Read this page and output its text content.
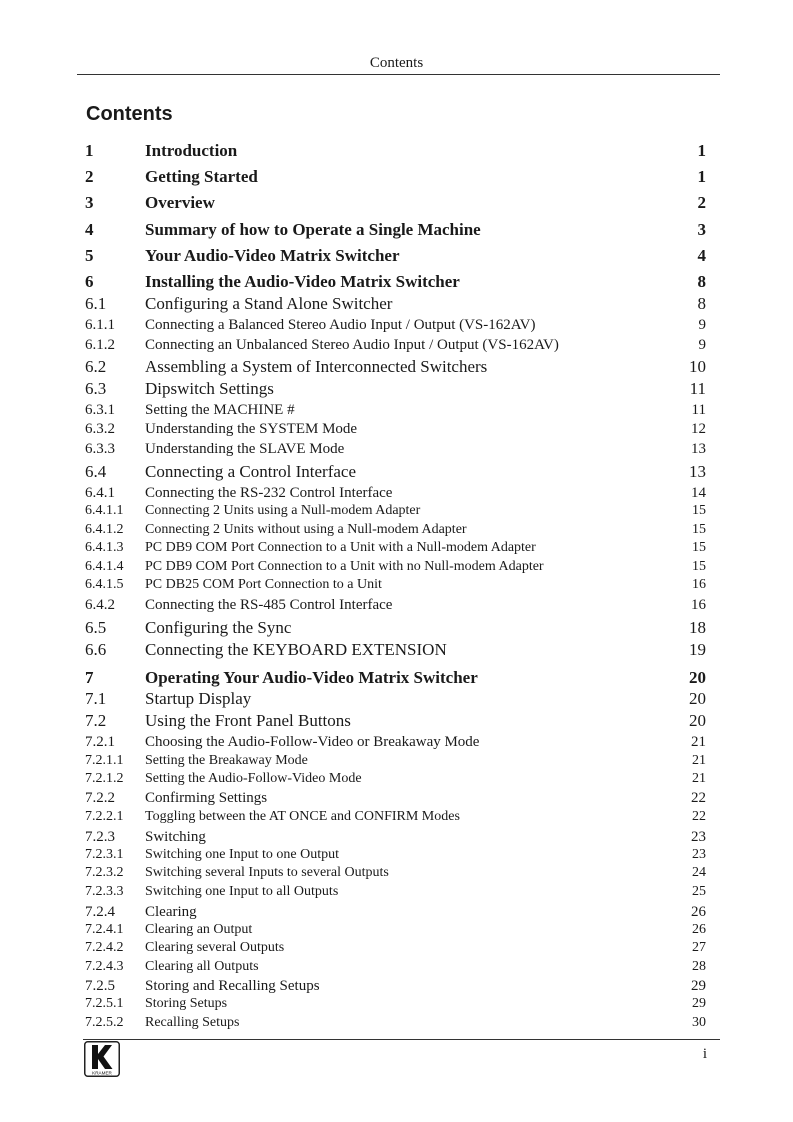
Contents
Contents
1	Introduction	1
2	Getting Started	1
3	Overview	2
4	Summary of how to Operate a Single Machine	3
5	Your Audio-Video Matrix Switcher	4
6	Installing the Audio-Video Matrix Switcher	8
6.1 Configuring a Stand Alone Switcher	8
6.1.1 Connecting a Balanced Stereo Audio Input / Output (VS-162AV)	9
6.1.2 Connecting an Unbalanced Stereo Audio Input / Output (VS-162AV)	9
6.2 Assembling a System of Interconnected Switchers	10
6.3 Dipswitch Settings	11
6.3.1 Setting the MACHINE #	11
6.3.2 Understanding the SYSTEM Mode	12
6.3.3 Understanding the SLAVE Mode	13
6.4 Connecting a Control Interface	13
6.4.1 Connecting the RS-232 Control Interface	14
6.4.1.1 Connecting 2 Units using a Null-modem Adapter	15
6.4.1.2 Connecting 2 Units without using a Null-modem Adapter	15
6.4.1.3 PC DB9 COM Port Connection to a Unit with a Null-modem Adapter	15
6.4.1.4 PC DB9 COM Port Connection to a Unit with no Null-modem Adapter	15
6.4.1.5 PC DB25 COM Port Connection to a Unit	16
6.4.2 Connecting the RS-485 Control Interface	16
6.5 Configuring the Sync	18
6.6 Connecting the KEYBOARD EXTENSION	19
7	Operating Your Audio-Video Matrix Switcher	20
7.1 Startup Display	20
7.2 Using the Front Panel Buttons	20
7.2.1 Choosing the Audio-Follow-Video or Breakaway Mode	21
7.2.1.1 Setting the Breakaway Mode	21
7.2.1.2 Setting the Audio-Follow-Video Mode	21
7.2.2 Confirming Settings	22
7.2.2.1 Toggling between the AT ONCE and CONFIRM Modes	22
7.2.3 Switching	23
7.2.3.1 Switching one Input to one Output	23
7.2.3.2 Switching several Inputs to several Outputs	24
7.2.3.3 Switching one Input to all Outputs	25
7.2.4 Clearing	26
7.2.4.1 Clearing an Output	26
7.2.4.2 Clearing several Outputs	27
7.2.4.3 Clearing all Outputs	28
7.2.5 Storing and Recalling Setups	29
7.2.5.1 Storing Setups	29
7.2.5.2 Recalling Setups	30
KRAMER
i
